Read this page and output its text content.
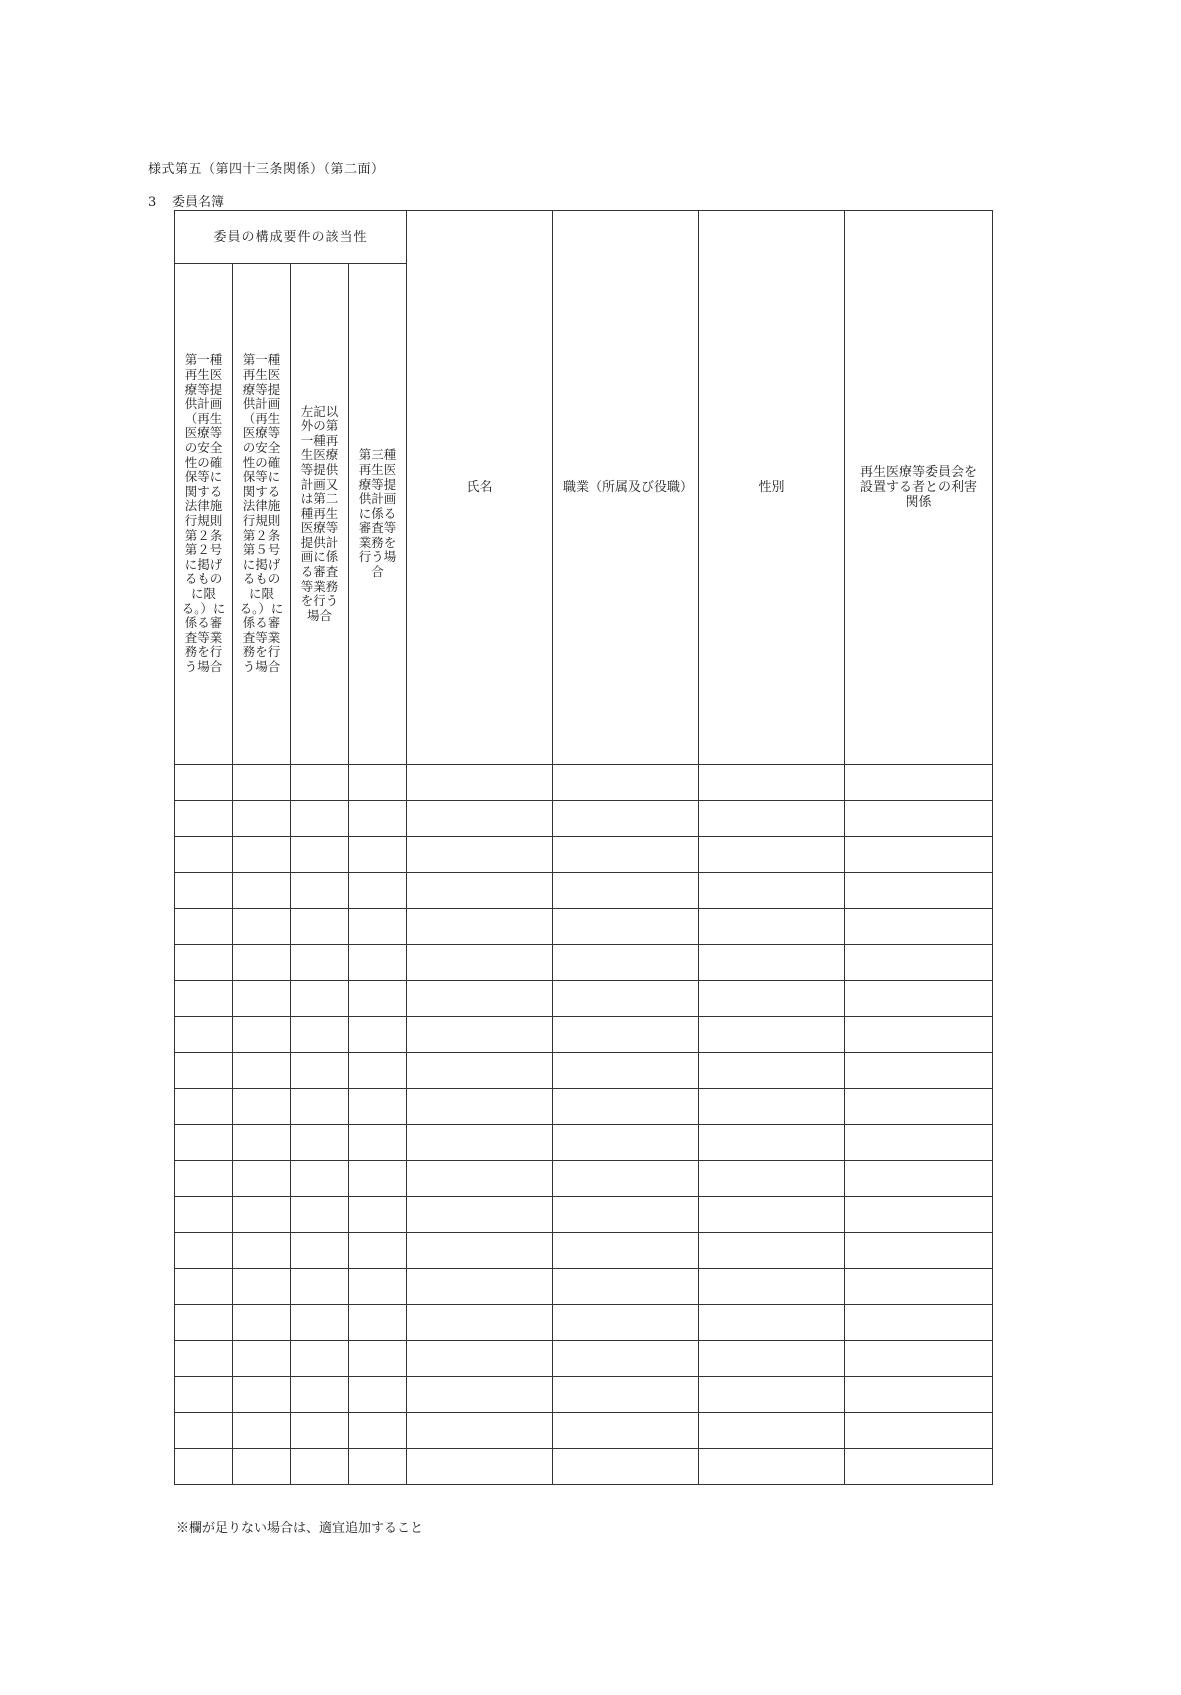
様式第五（第四十三条関係）（第二面）
3 委員名簿
委員の構成要件の該当性				氏名	職業（所属及び役職）	性別	再生医療等委員会を設置する者との利害関係

第一種再生医療等提供計画（再生医療等の安全性の確保等に関する法律施行規則第２条第２号に掲げるものに限る。）に係る審査等業務を行う場合	第一種再生医療等提供計画（再生医療等の安全性の確保等に関する法律施行規則第２条第５号に掲げるものに限る。）に係る審査等業務を行う場合	左記以外の第一種再生医療等提供計画又は第二種再生医療等提供計画に係る審査等業務を行う場合	第三種再生医療等提供計画に係る審査等業務を行う場合				

※欄が足りない場合は、適宜追加すること
